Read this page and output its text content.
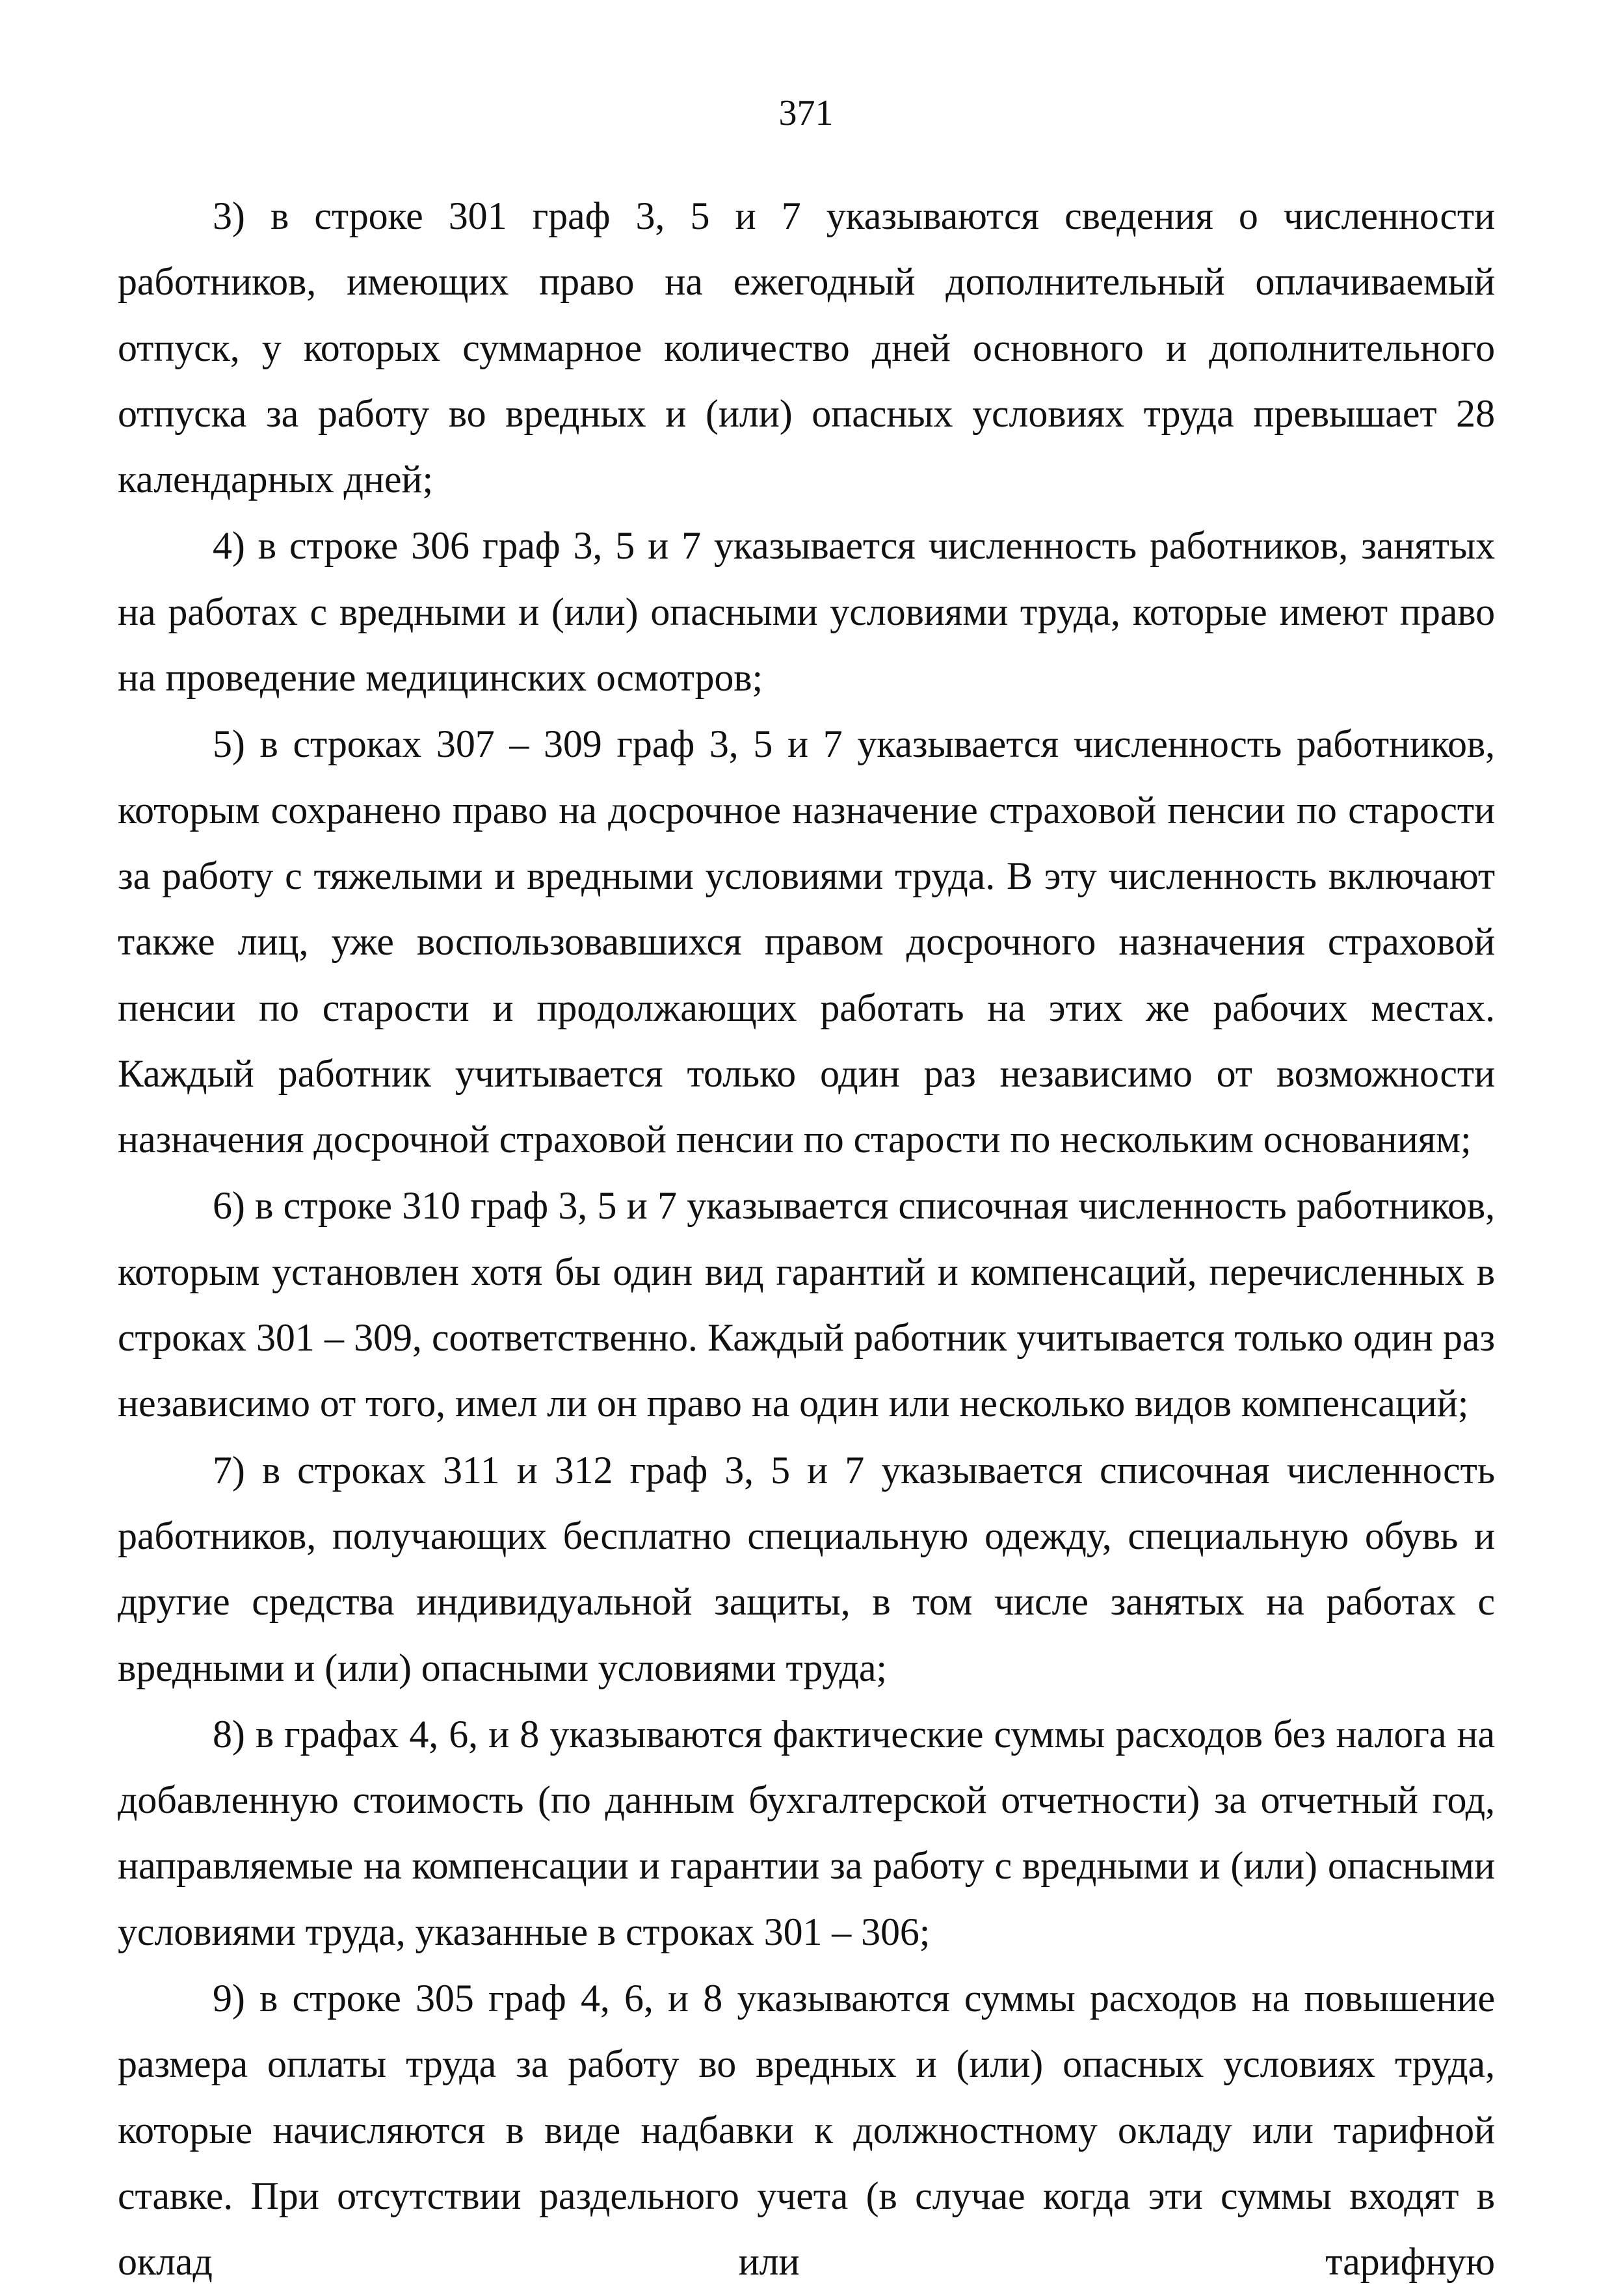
371

3) в строке 301 граф 3, 5 и 7 указываются сведения о численности работников, имеющих право на ежегодный дополнительный оплачиваемый отпуск, у которых суммарное количество дней основного и дополнительного отпуска за работу во вредных и (или) опасных условиях труда превышает 28 календарных дней;

4) в строке 306 граф 3, 5 и 7 указывается численность работников, занятых на работах с вредными и (или) опасными условиями труда, которые имеют право на проведение медицинских осмотров;

5) в строках 307 – 309 граф 3, 5 и 7 указывается численность работников, которым сохранено право на досрочное назначение страховой пенсии по старости за работу с тяжелыми и вредными условиями труда. В эту численность включают также лиц, уже воспользовавшихся правом досрочного назначения страховой пенсии по старости и продолжающих работать на этих же рабочих местах. Каждый работник учитывается только один раз независимо от возможности назначения досрочной страховой пенсии по старости по нескольким основаниям;

6) в строке 310 граф 3, 5 и 7 указывается списочная численность работников, которым установлен хотя бы один вид гарантий и компенсаций, перечисленных в строках 301 – 309, соответственно. Каждый работник учитывается только один раз независимо от того, имел ли он право на один или несколько видов компенсаций;

7) в строках 311 и 312 граф 3, 5 и 7 указывается списочная численность работников, получающих бесплатно специальную одежду, специальную обувь и другие средства индивидуальной защиты, в том числе занятых на работах с вредными и (или) опасными условиями труда;

8) в графах 4, 6, и 8 указываются фактические суммы расходов без налога на добавленную стоимость (по данным бухгалтерской отчетности) за отчетный год, направляемые на компенсации и гарантии за работу с вредными и (или) опасными условиями труда, указанные в строках 301 – 306;

9) в строке 305 граф 4, 6, и 8 указываются суммы расходов на повышение размера оплаты труда за работу во вредных и (или) опасных условиях труда, которые начисляются в виде надбавки к должностному окладу или тарифной ставке. При отсутствии раздельного учета (в случае когда эти суммы входят в оклад или тарифную
